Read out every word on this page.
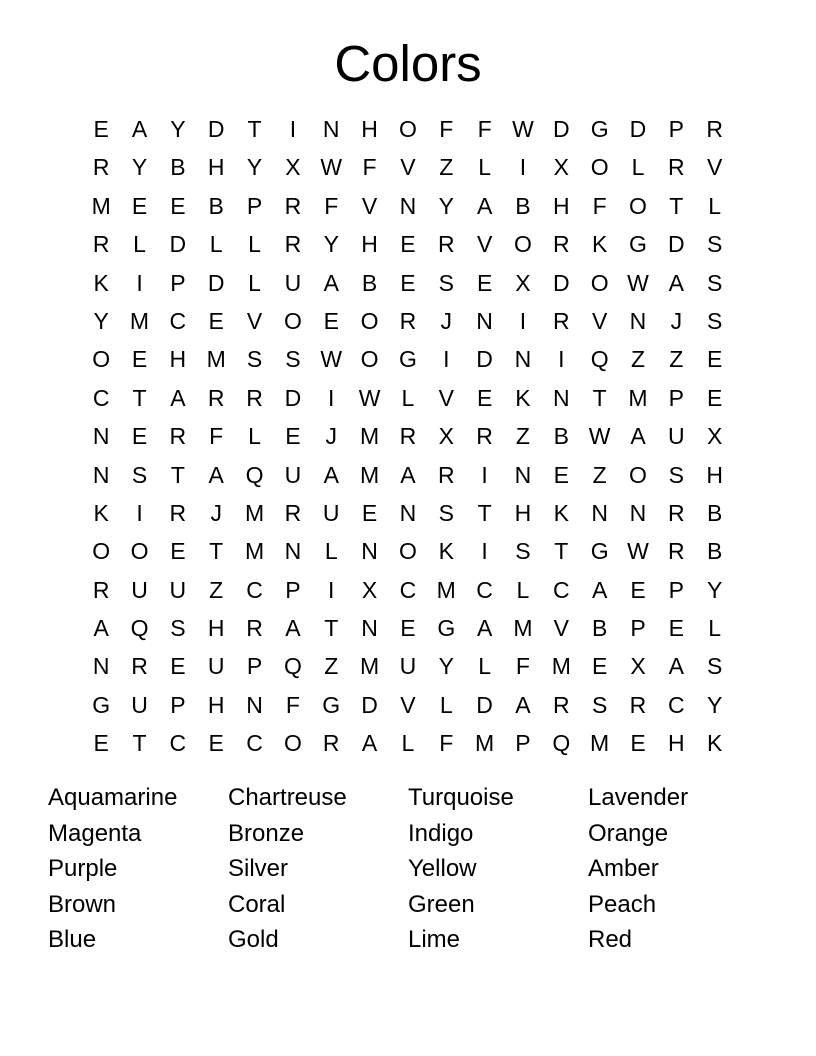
Colors
E	A	Y D	T	I	N H O F	F W D G D P R
R Y	B H Y	X W F	V	Z	L	I	X O	L	R V
M E	E	B	P R	F	V N Y	A	B H	F O T	L
R	L	D	L	L	R Y H E R V O R K G D S
K	I	P D	L	U A	B	E	S	E	X D O W A	S
Y M C E	V O E O R	J	N	I	R V N	J	S
O E H M S	S W O G	I	D N	I	Q Z	Z	E
C	T	A R R D	I	W L	V	E	K N	T M P	E
N E R	F	L	E	J	M R X R	Z	B W A U X
N S	T	A Q U A M A R	I	N E	Z O S H
K	I	R	J	M R U E N S	T	H K N N R B
O O E	T M N	L	N O K	I	S	T G W R B
R U U	Z	C P	I	X C M C	L	C A	E	P	Y
A Q S H R A	T	N E G A M V	B	P	E	L
N R E U P Q Z M U Y	L	F M E	X	A	S
G U P H N	F G D V	L	D A R S R C Y
E	T	C E C O R A	L	F M P Q M E H K
Aquamarine
Magenta
Purple
Brown
Blue
Chartreuse
Bronze
Silver
Coral
Gold
Turquoise
Indigo
Yellow
Green
Lime
Lavender
Orange
Amber
Peach
Red
